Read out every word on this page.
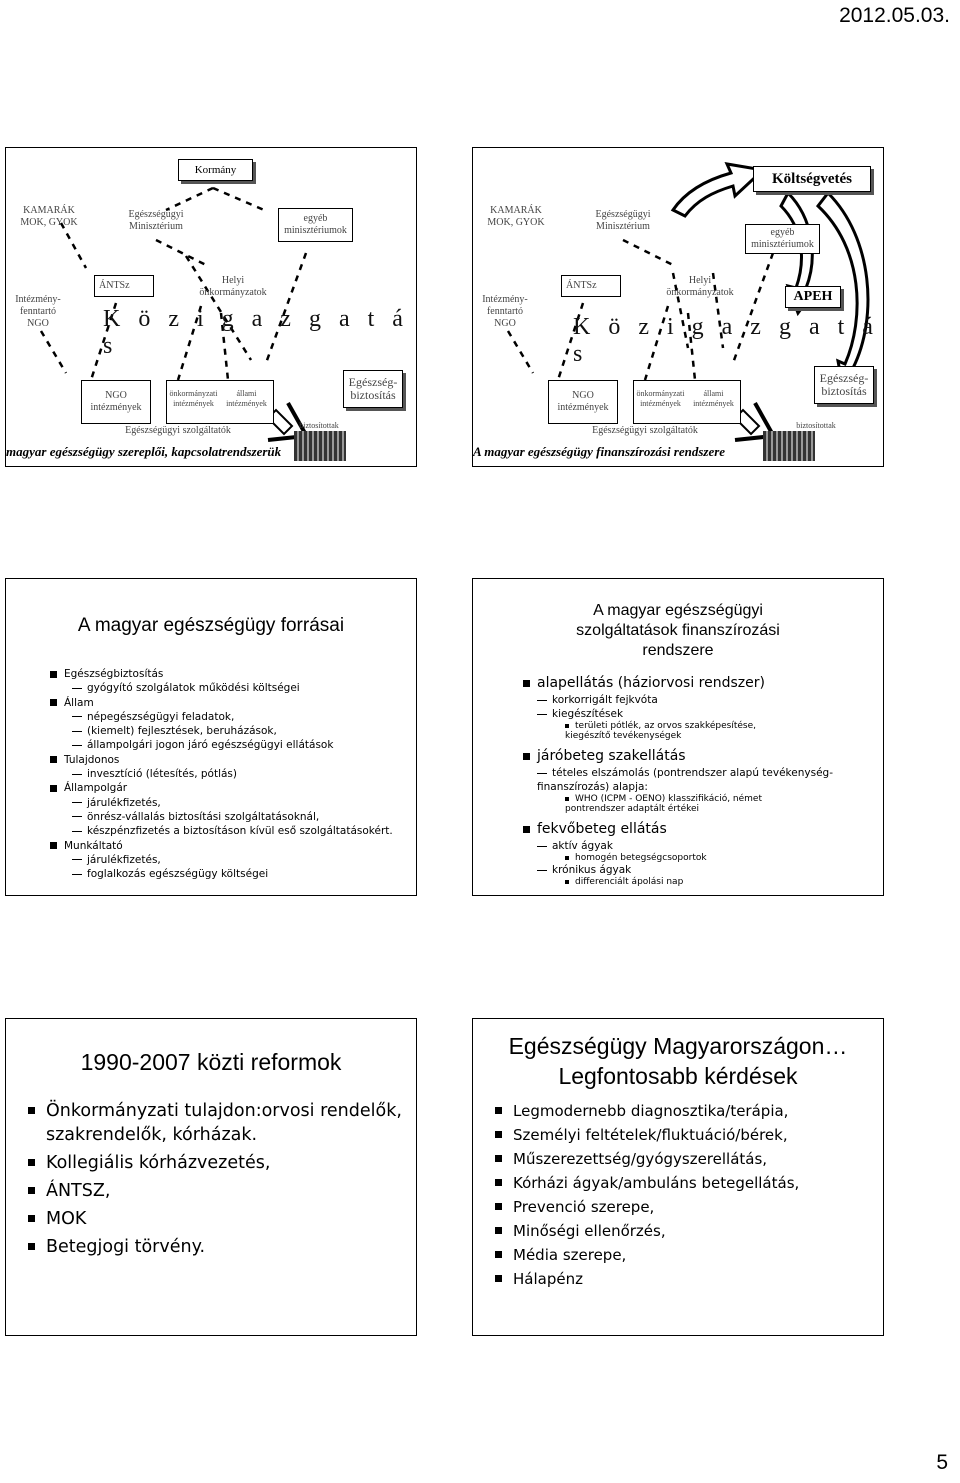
2012.05.03.
Kormány
KAMARÁK
MOK, GYOK
Egészségügyi
Minisztérium
egyéb
minisztériumok
Intézmény-
fenntartó
NGO
ÁNTSz	Helyi
önkormányzatok
K ö z i g a z g a t á s
NGO
intézmények
önkormányzati
intézmények
állami
intézmények
Egészségügyi szolgáltatók
Egészség-
biztosítás
biztosítottak
magyar egészségügy szereplői, kapcsolatrendszerük
Költségvetés
KAMARÁK
MOK, GYOK
Egészségügyi
Minisztérium
egyéb
minisztériumok
Intézmény-
fenntartó
NGO
ÁNTSz	Helyi
önkormányzatok	APEH
K ö z i g a z g a t á s
NGO
intézmények
önkormányzati
intézmények
állami
intézmények
Egészségügyi szolgáltatók
Egészség-
biztosítás
biztosítottak
A magyar egészségügy finanszírozási rendszere
A magyar egészségügy forrásai
Egészségbiztosítás
gyógyító szolgálatok működési költségei
Állam
népegészségügyi feladatok,
(kiemelt) fejlesztések, beruházások,
állampolgári jogon járó egészségügyi ellátások
Tulajdonos
invesztíció (létesítés, pótlás)
Állampolgár
járulékfizetés,
önrész-vállalás biztosítási szolgáltatásoknál,
készpénzfizetés a biztosításon kívül eső szolgáltatásokért.
Munkáltató
járulékfizetés,
foglalkozás egészségügy költségei
A magyar egészségügyi
szolgáltatások finanszírozási
rendszere
alapellátás (háziorvosi rendszer)
korkorrigált fejkvóta
kiegészítések
területi pótlék, az orvos szakképesítése, kiegészítő tevékenységek
járóbeteg szakellátás
tételes elszámolás (pontrendszer alapú tevékenység-finanszírozás) alapja:
WHO (ICPM - OENO) klasszifikáció, német pontrendszer adaptált értékei
fekvőbeteg ellátás
aktív ágyak
homogén betegségcsoportok
krónikus ágyak
differenciált ápolási nap
1990-2007 közti reformok
Önkormányzati tulajdon:orvosi rendelők, szakrendelők, kórházak.
Kollegiális kórházvezetés,
ÁNTSZ,
MOK
Betegjogi törvény.
Egészségügy Magyarországon…
Legfontosabb kérdések
Legmodernebb diagnosztika/terápia,
Személyi feltételek/fluktuáció/bérek,
Műszerezettség/gyógyszerellátás,
Kórházi ágyak/ambuláns betegellátás,
Prevenció szerepe,
Minőségi ellenőrzés,
Média szerepe,
Hálapénz
5
